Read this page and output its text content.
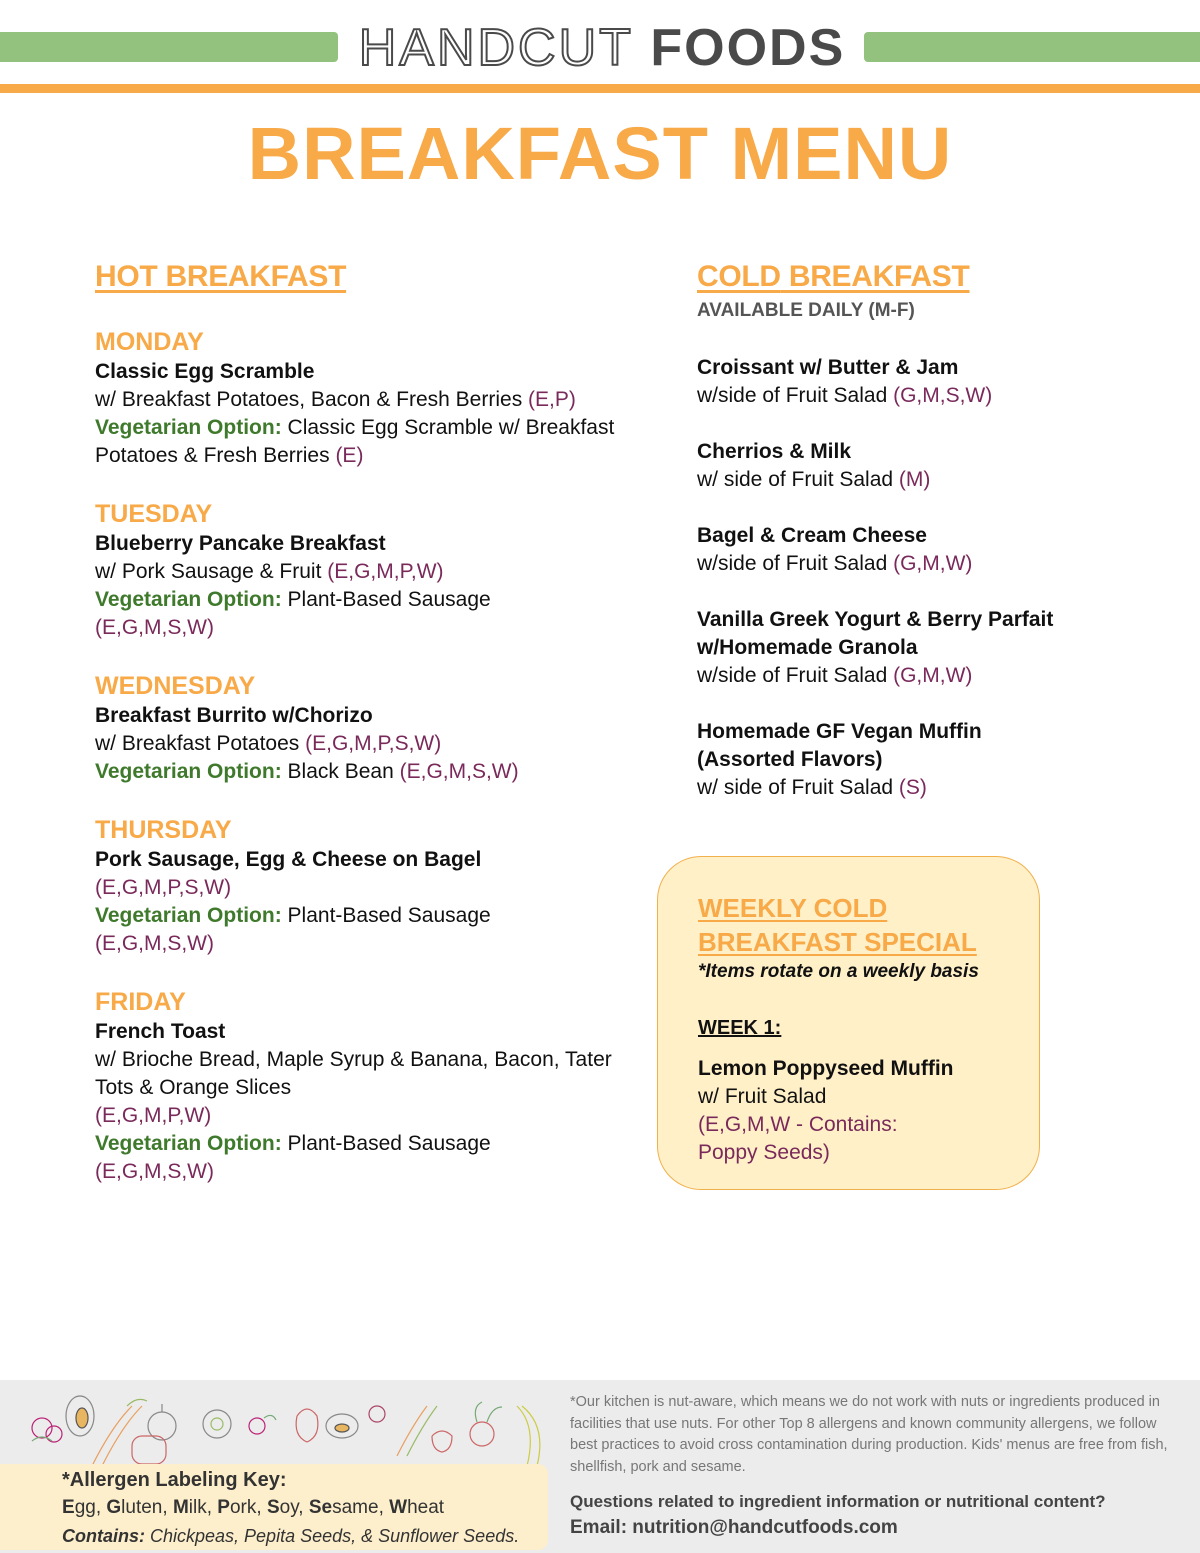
HANDCUT FOODS
BREAKFAST MENU
HOT BREAKFAST
MONDAY
Classic Egg Scramble
w/ Breakfast Potatoes, Bacon & Fresh Berries (E,P)
Vegetarian Option: Classic Egg Scramble w/ Breakfast Potatoes & Fresh Berries (E)
TUESDAY
Blueberry Pancake Breakfast
w/ Pork Sausage & Fruit (E,G,M,P,W)
Vegetarian Option: Plant-Based Sausage
(E,G,M,S,W)
WEDNESDAY
Breakfast Burrito w/Chorizo
w/ Breakfast Potatoes (E,G,M,P,S,W)
Vegetarian Option: Black Bean (E,G,M,S,W)
THURSDAY
Pork Sausage, Egg & Cheese on Bagel
(E,G,M,P,S,W)
Vegetarian Option: Plant-Based Sausage
(E,G,M,S,W)
FRIDAY
French Toast
w/ Brioche Bread, Maple Syrup & Banana, Bacon, Tater Tots & Orange Slices
(E,G,M,P,W)
Vegetarian Option: Plant-Based Sausage
(E,G,M,S,W)
COLD BREAKFAST
AVAILABLE DAILY (M-F)
Croissant w/ Butter & Jam
w/side of Fruit Salad (G,M,S,W)
Cherrios & Milk
w/ side of Fruit Salad (M)
Bagel & Cream Cheese
w/side of Fruit Salad (G,M,W)
Vanilla Greek Yogurt & Berry Parfait w/Homemade Granola
w/side of Fruit Salad (G,M,W)
Homemade GF Vegan Muffin (Assorted Flavors)
w/ side of Fruit Salad (S)
WEEKLY COLD BREAKFAST SPECIAL
*Items rotate on a weekly basis
WEEK 1:
Lemon Poppyseed Muffin
w/ Fruit Salad
(E,G,M,W - Contains: Poppy Seeds)
*Allergen Labeling Key:
Egg, Gluten, Milk, Pork, Soy, Sesame, Wheat
Contains: Chickpeas, Pepita Seeds, & Sunflower Seeds.
*Our kitchen is nut-aware, which means we do not work with nuts or ingredients produced in facilities that use nuts. For other Top 8 allergens and known community allergens, we follow best practices to avoid cross contamination during production. Kids' menus are free from fish, shellfish, pork and sesame.
Questions related to ingredient information or nutritional content?
Email: nutrition@handcutfoods.com
